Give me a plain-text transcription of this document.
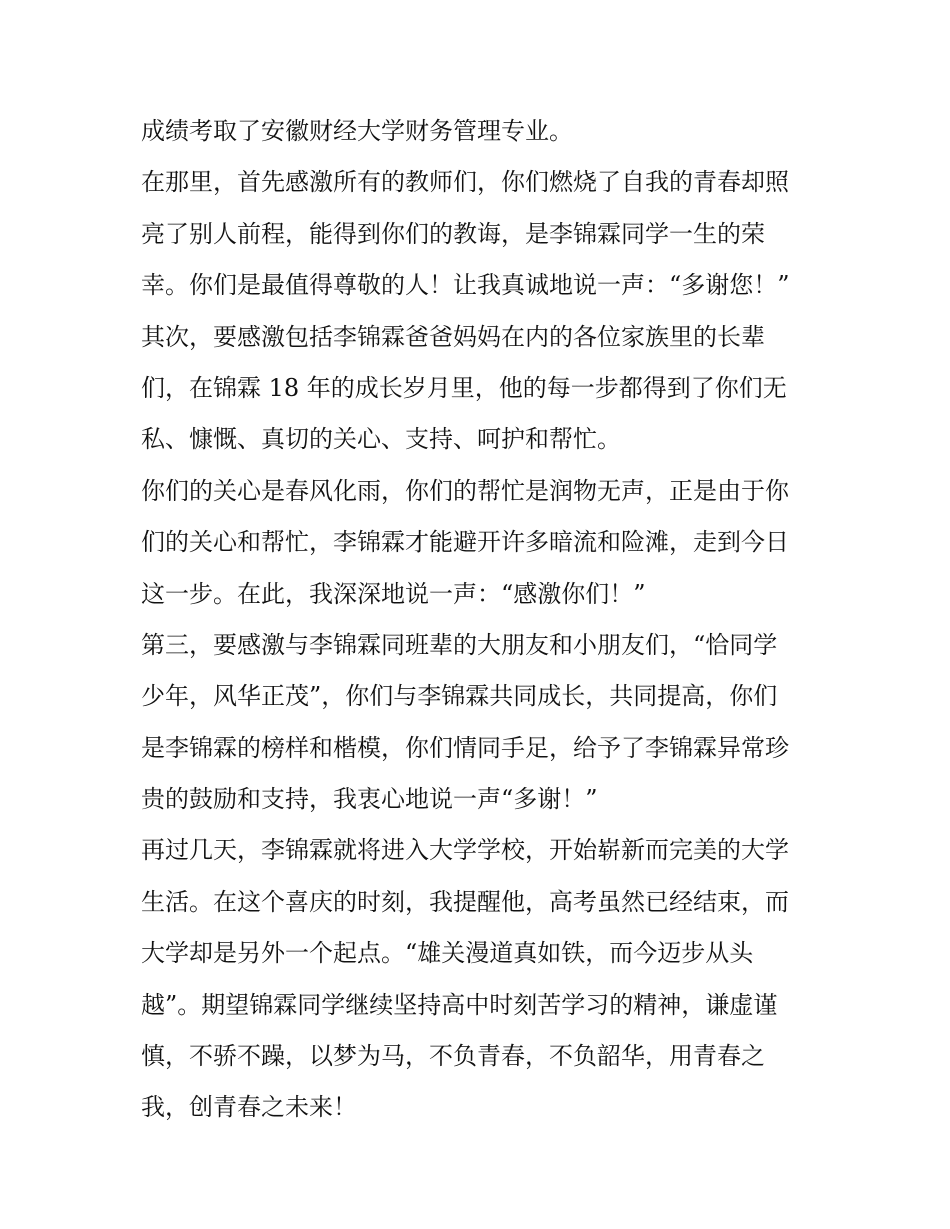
成绩考取了安徽财经大学财务管理专业。
在那里，首先感激所有的教师们，你们燃烧了自我的青春却照
亮了别人前程，能得到你们的教诲，是李锦霖同学一生的荣
幸。你们是最值得尊敬的人！让我真诚地说一声：“多谢您！”
其次，要感激包括李锦霖爸爸妈妈在内的各位家族里的长辈
们，在锦霖 18 年的成长岁月里，他的每一步都得到了你们无
私、慷慨、真切的关心、支持、呵护和帮忙。
你们的关心是春风化雨，你们的帮忙是润物无声，正是由于你
们的关心和帮忙，李锦霖才能避开许多暗流和险滩，走到今日
这一步。在此，我深深地说一声：“感激你们！”
第三，要感激与李锦霖同班辈的大朋友和小朋友们，“恰同学
少年，风华正茂”，你们与李锦霖共同成长，共同提高，你们
是李锦霖的榜样和楷模，你们情同手足，给予了李锦霖异常珍
贵的鼓励和支持，我衷心地说一声“多谢！”
再过几天，李锦霖就将进入大学学校，开始崭新而完美的大学
生活。在这个喜庆的时刻，我提醒他，高考虽然已经结束，而
大学却是另外一个起点。“雄关漫道真如铁，而今迈步从头
越”。期望锦霖同学继续坚持高中时刻苦学习的精神，谦虚谨
慎，不骄不躁，以梦为马，不负青春，不负韶华，用青春之
我，创青春之未来！
